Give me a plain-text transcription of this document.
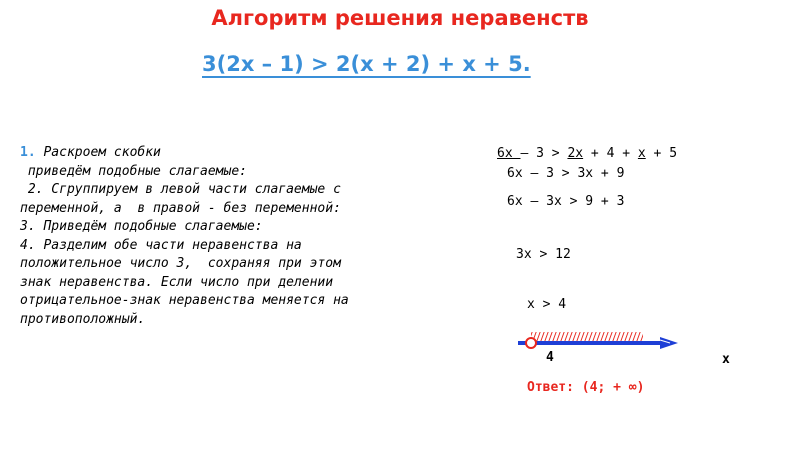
Алгоритм решения неравенств
3(2x – 1) > 2(x + 2) + x + 5.
1. Раскроем скобки
приведём подобные слагаемые:
2. Сгруппируем в левой части слагаемые с
переменной, а  в правой - без переменной:
3. Приведём подобные слагаемые:
4. Разделим обе части неравенства на
положительное число 3,  сохраняя при этом
знак неравенства. Если число при делении
отрицательное-знак неравенства меняется на
противоположный.
6x – 3 > 2x + 4 + x + 5
6x – 3 > 3x + 9
6x – 3x > 9 + 3
3x > 12
x > 4
4	x
Ответ: (4; + ∞)
